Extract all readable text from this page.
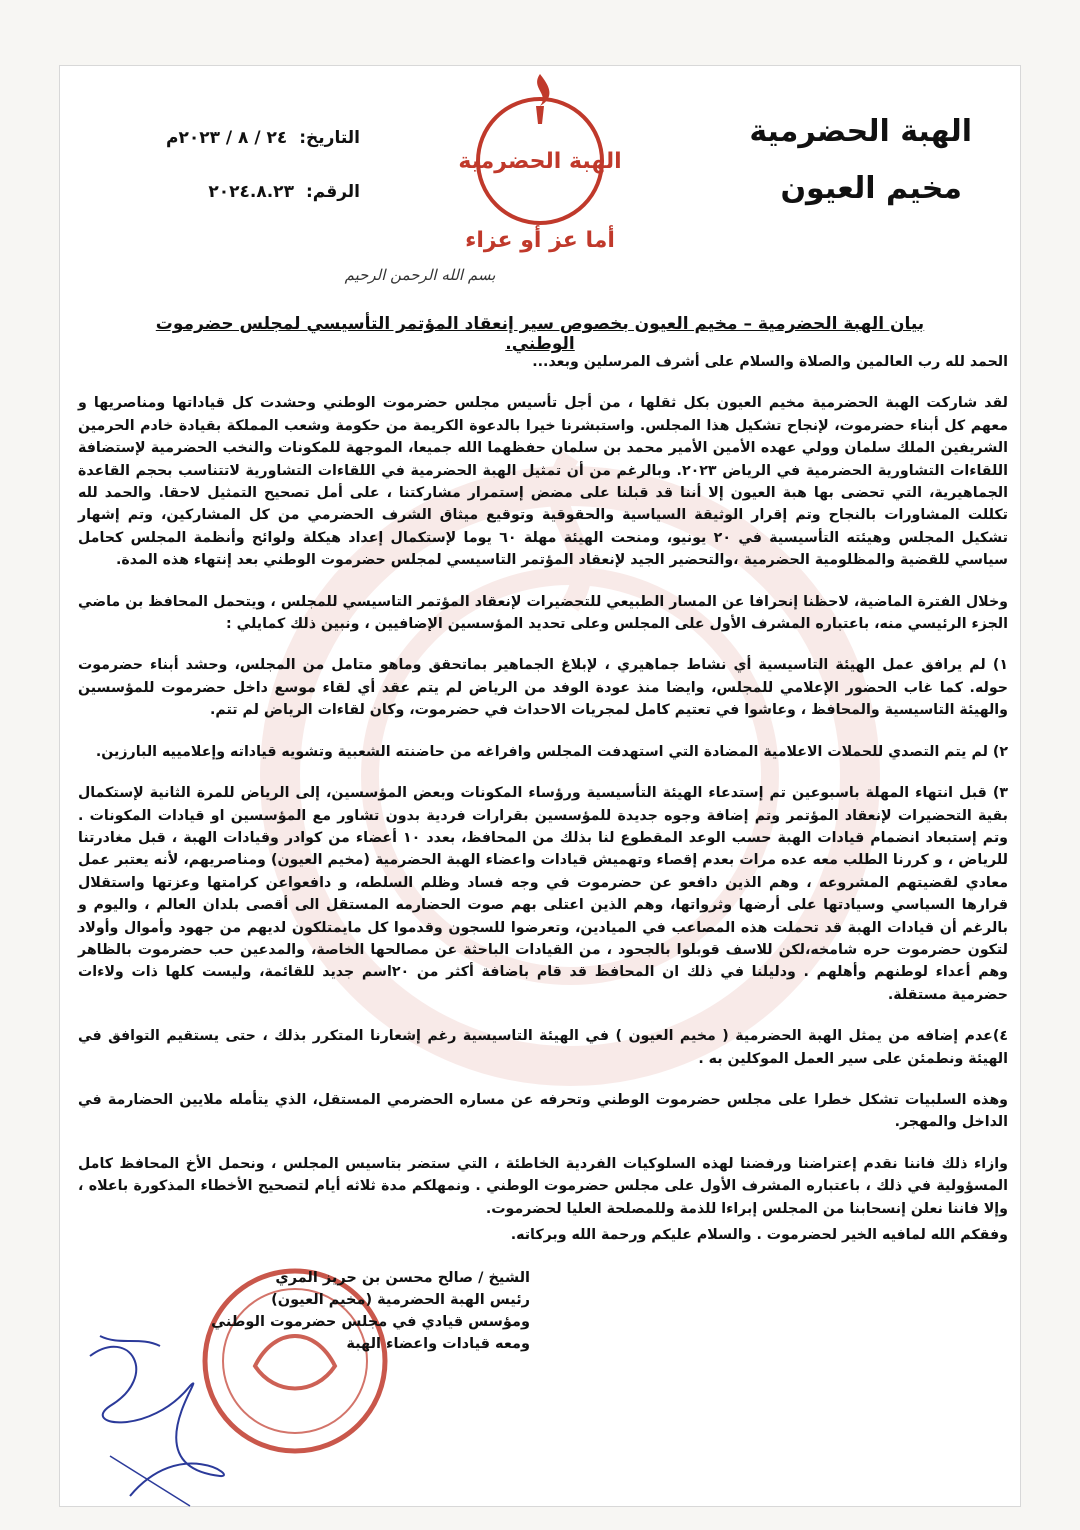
الهبة الحضرمية
مخيم العيون
الهبة الحضرمية
أما عز أو عزاء
التاريخ:٢٤ / ٨ / ٢٠٢٣م
الرقم:٢٠٢٤.٨.٢٣
بسم الله الرحمن الرحيم
بيان الهبة الحضرمية – مخيم العيون بخصوص سير إنعقاد المؤتمر التأسيسي لمجلس حضرموت الوطني.

الحمد لله رب العالمين والصلاة والسلام على أشرف المرسلين وبعد...

لقد شاركت الهبة الحضرمية مخيم العيون بكل ثقلها ، من أجل تأسيس مجلس حضرموت الوطني وحشدت كل قياداتها ومناصريها و معهم كل أبناء حضرموت، لإنجاح تشكيل هذا المجلس. واستبشرنا خيرا بالدعوة الكريمة من حكومة وشعب المملكة بقيادة خادم الحرمين الشريفين الملك سلمان وولي عهده الأمين الأمير محمد بن سلمان حفظهما الله جميعا، الموجهة للمكونات والنخب الحضرمية لإستضافة اللقاءات التشاورية الحضرمية في الرياض ٢٠٢٣. وبالرغم من أن تمثيل الهبة الحضرمية في اللقاءات التشاورية لاتتناسب بحجم القاعدة الجماهيرية، التي تحضى بها هبة العيون إلا أننا قد قبلنا على مضض إستمرار مشاركتنا ، على أمل تصحيح التمثيل لاحقا. والحمد لله تكللت المشاورات بالنجاح وتم إقرار الوثيقة السياسية والحقوقية وتوقيع ميثاق الشرف الحضرمي من كل المشاركين، وتم إشهار تشكيل المجلس وهيئته التأسيسية في ٢٠ يونيو، ومنحت الهيئة مهلة ٦٠ يوما لإستكمال إعداد هيكلة ولوائح وأنظمة المجلس كحامل سياسي للقضية والمظلومية الحضرمية ،والتحضير الجيد لإنعقاد المؤتمر التاسيسي لمجلس حضرموت الوطني بعد إنتهاء هذه المدة.

وخلال الفترة الماضية، لاحظنا إنحرافا عن المسار الطبيعي للتحضيرات لإنعقاد المؤتمر التاسيسي للمجلس ، ويتحمل المحافظ بن ماضي الجزء الرئيسي منه، باعتباره المشرف الأول على المجلس وعلى تحديد المؤسسين الإضافيين ، ونبين ذلك كمايلي :

١) لم يرافق عمل الهيئة التاسيسية أي نشاط جماهيري ، لإبلاغ الجماهير بماتحقق وماهو متامل من المجلس، وحشد أبناء حضرموت حوله. كما غاب الحضور الإعلامي للمجلس، وايضا منذ عودة الوفد من الرياض لم يتم عقد أي لقاء موسع داخل حضرموت للمؤسسين والهيئة التاسيسية والمحافظ ، وعاشوا في تعتيم كامل لمجريات الاحداث في حضرموت، وكان لقاءات الرياض لم تتم.

٢) لم يتم التصدي للحملات الاعلامية المضادة التي استهدفت المجلس وافراغه من حاضنته الشعبية وتشويه قياداته وإعلامييه البارزين.

٣) قبل انتهاء المهلة باسبوعين تم إستدعاء الهيئة التأسيسية ورؤساء المكونات وبعض المؤسسين، إلى الرياض للمرة الثانية لإستكمال بقية التحضيرات لإنعقاد المؤتمر وتم إضافة وجوه جديدة للمؤسسين بقرارات فردية بدون تشاور مع المؤسسين او قيادات المكونات . وتم إستبعاد انضمام قيادات الهبة حسب الوعد المقطوع لنا بذلك من المحافظ، بعدد ١٠ أعضاء من كوادر وقيادات الهبة ، قبل مغادرتنا للرياض ، و كررنا الطلب معه عده مرات بعدم إقصاء وتهميش قيادات واعضاء الهبة الحضرمية (مخيم العيون) ومناصريهم، لأنه يعتبر عمل معادي لقضيتهم المشروعه ، وهم الذين دافعو عن حضرموت في وجه فساد وظلم السلطه، و دافعواعن كرامتها وعزتها واستقلال قرارها السياسي وسيادتها على أرضها وثرواتها، وهم الذين اعتلى بهم صوت الحضارمه المستقل الى أقصى بلدان العالم ، واليوم و بالرغم أن قيادات الهبة قد تحملت هذه المصاعب في الميادين، وتعرضوا للسجون وقدموا كل مايمتلكون لديهم من جهود وأموال وأولاد لتكون حضرموت حره شامخه،لكن للاسف قوبلوا بالجحود ، من القيادات الباحثة عن مصالحها الخاصة، والمدعين حب حضرموت بالظاهر وهم أعداء لوطنهم وأهلهم . ودليلنا في ذلك ان المحافظ قد قام باضافة أكثر من ٢٠اسم جديد للقائمة، وليست كلها ذات ولاءات حضرمية مستقلة.

٤)عدم إضافه من يمثل الهبة الحضرمية ( مخيم العيون ) في الهيئة التاسيسية رغم إشعارنا المتكرر بذلك ، حتى يستقيم التوافق في الهيئة ونطمئن على سير العمل الموكلين به .

وهذه السلبيات تشكل خطرا على مجلس حضرموت الوطني وتحرفه عن مساره الحضرمي المستقل، الذي يتأمله ملايين الحضارمة في الداخل والمهجر.

وازاء ذلك فاننا نقدم إعتراضنا ورفضنا لهذه السلوكيات الفردية الخاطئة ، التي ستضر بتاسيس المجلس ، ونحمل الأخ المحافظ كامل المسؤولية في ذلك ، باعتباره المشرف الأول على مجلس حضرموت الوطني . ونمهلكم مدة ثلاثه أيام لتصحيح الأخطاء المذكورة باعلاه ، وإلا فاننا نعلن إنسحابنا من المجلس إبراءا للذمة وللمصلحة العليا لحضرموت.

وفقكم الله لمافيه الخير لحضرموت . والسلام عليكم ورحمة الله وبركاته.

الشيخ / صالح محسن بن حريز المري
رئيس الهبة الحضرمية (مخيم العيون)
ومؤسس قيادي في مجلس حضرموت الوطني
ومعه قيادات واعضاء الهبة
